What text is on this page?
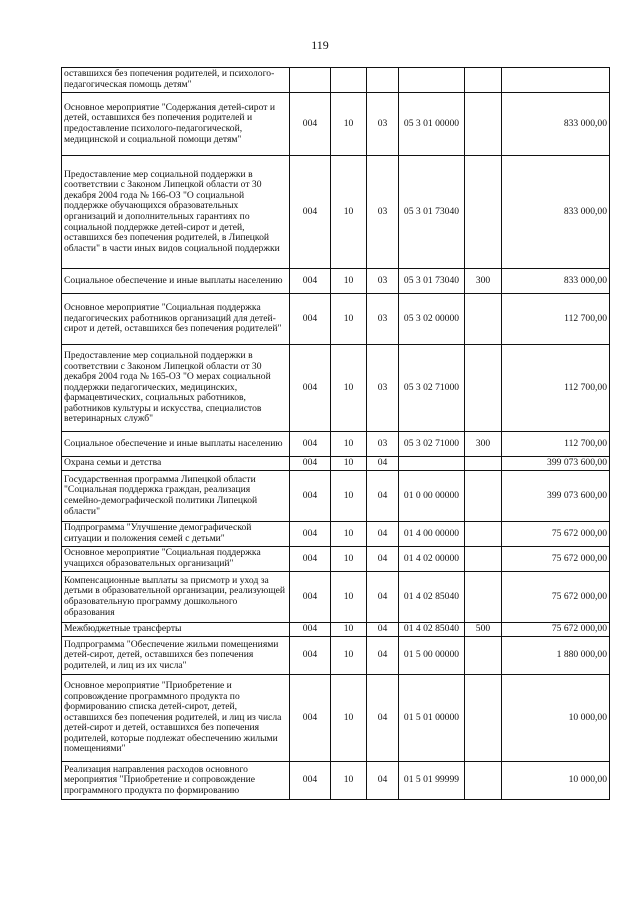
119
оставшихся без попечения родителей, и психолого-педагогическая помощь детям"						
Основное мероприятие "Содержания детей-сирот и детей, оставшихся без попечения родителей и предоставление психолого-педагогической, медицинской и социальной помощи детям"	004	10	03	05 3 01 00000		833 000,00
Предоставление мер социальной поддержки в соответствии с Законом Липецкой области от 30 декабря 2004 года № 166-ОЗ "О социальной поддержке обучающихся образовательных организаций и дополнительных гарантиях по социальной поддержке детей-сирот и детей, оставшихся без попечения родителей, в Липецкой области" в части иных видов социальной поддержки	004	10	03	05 3 01 73040		833 000,00
Социальное обеспечение и иные выплаты населению	004	10	03	05 3 01 73040	300	833 000,00
Основное мероприятие "Социальная поддержка педагогических работников организаций для детей-сирот и детей, оставшихся без попечения родителей"	004	10	03	05 3 02 00000		112 700,00
Предоставление мер социальной поддержки в соответствии с Законом Липецкой области от 30 декабря 2004 года № 165-ОЗ "О мерах социальной поддержки педагогических, медицинских, фармацевтических, социальных работников, работников культуры и искусства, специалистов ветеринарных служб"	004	10	03	05 3 02 71000		112 700,00
Социальное обеспечение и иные выплаты населению	004	10	03	05 3 02 71000	300	112 700,00
Охрана семьи и детства	004	10	04			399 073 600,00
Государственная программа Липецкой области "Социальная поддержка граждан, реализация семейно-демографической политики Липецкой области"	004	10	04	01 0 00 00000		399 073 600,00
Подпрограмма "Улучшение демографической ситуации и положения семей с детьми"	004	10	04	01 4 00 00000		75 672 000,00
Основное мероприятие "Социальная поддержка учащихся образовательных организаций"	004	10	04	01 4 02 00000		75 672 000,00
Компенсационные выплаты за присмотр и уход за детьми в образовательной организации, реализующей образовательную программу дошкольного образования	004	10	04	01 4 02 85040		75 672 000,00
Межбюджетные трансферты	004	10	04	01 4 02 85040	500	75 672 000,00
Подпрограмма "Обеспечение жильми помещениями детей-сирот, детей, оставшихся без попечения родителей, и лиц из их числа"	004	10	04	01 5 00 00000		1 880 000,00
Основное мероприятие "Приобретение и сопровождение программного продукта по формированию списка детей-сирот, детей, оставшихся без попечения родителей, и лиц из числа детей-сирот и детей, оставшихся без попечения родителей, которые подлежат обеспечению жилыми помещениями"	004	10	04	01 5 01 00000		10 000,00
Реализация направления расходов основного мероприятия "Приобретение и сопровождение программного продукта по формированию	004	10	04	01 5 01 99999		10 000,00
